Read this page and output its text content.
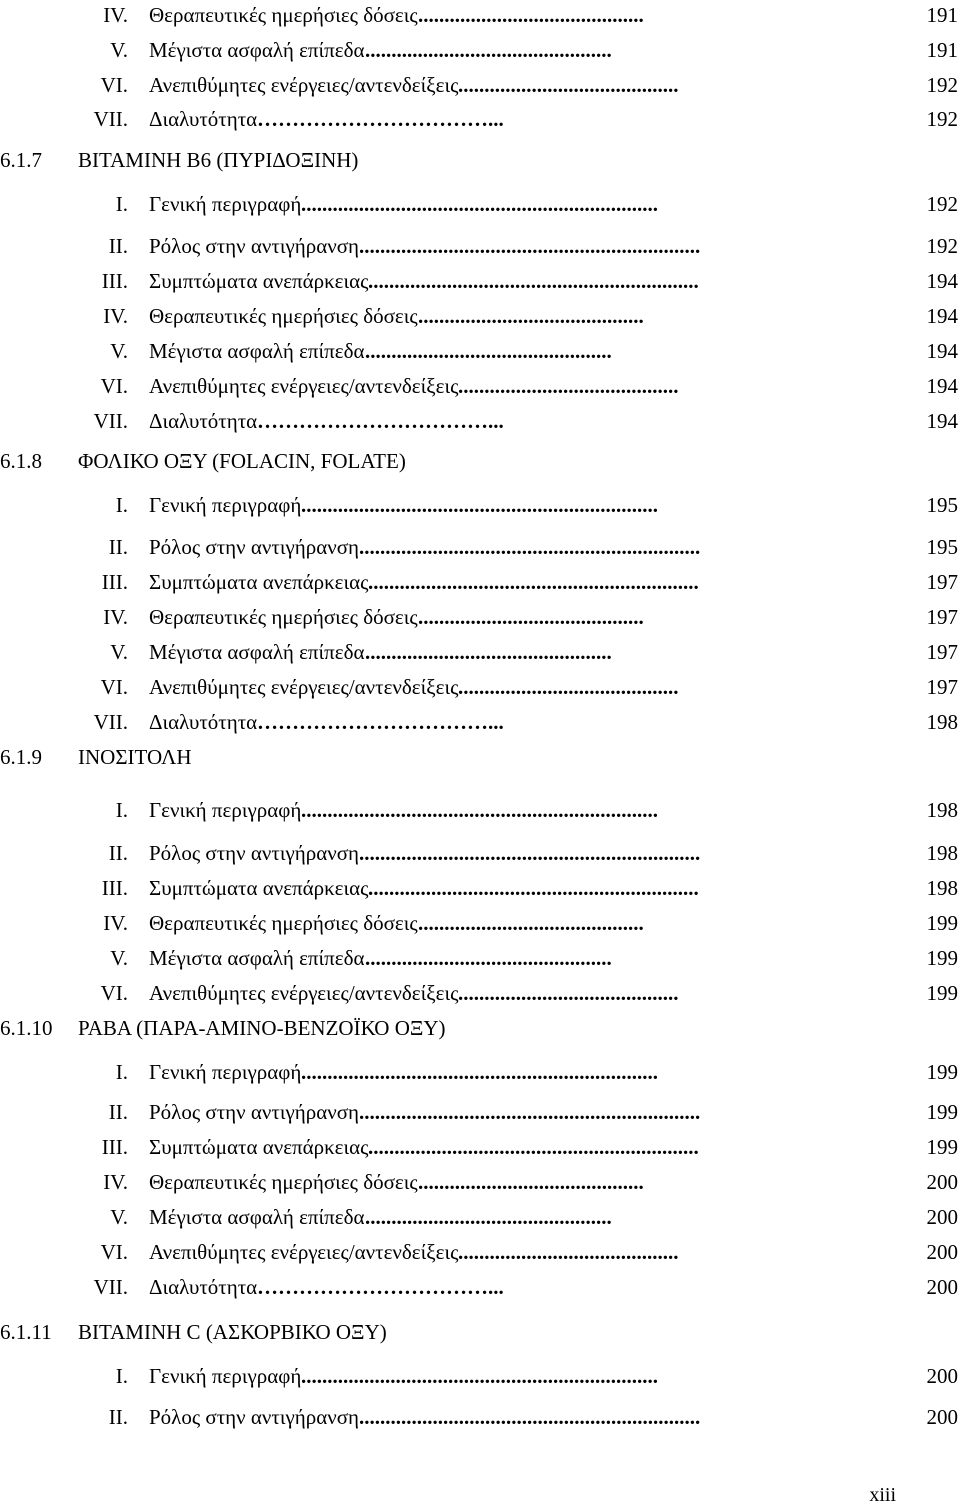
IV. Θεραπευτικές ημερήσιες δόσεις ...........................................	191
V. Μέγιστα ασφαλή επίπεδα ...............................................	191
VI. Ανεπιθύμητες ενέργειες/αντενδείξεις ..........................................	192
VII. Διαλυτότητα ……………………………...	192
6.1.7 ΒΙΤΑΜΙΝΗ Β6 (ΠΥΡΙΔΟΞΙΝΗ)
I. Γενική περιγραφή ....................................................................	192
II. Ρόλος στην αντιγήρανση .................................................................	192
III. Συμπτώματα ανεπάρκειας ...............................................................	194
IV. Θεραπευτικές ημερήσιες δόσεις ...........................................	194
V. Μέγιστα ασφαλή επίπεδα ...............................................	194
VI. Ανεπιθύμητες ενέργειες/αντενδείξεις ..........................................	194
VII. Διαλυτότητα ……………………………...	194
6.1.8 ΦΟΛΙΚΟ ΟΞΥ (FOLACIN, FOLATE)
I. Γενική περιγραφή ....................................................................	195
II. Ρόλος στην αντιγήρανση .................................................................	195
III. Συμπτώματα ανεπάρκειας ...............................................................	197
IV. Θεραπευτικές ημερήσιες δόσεις ...........................................	197
V. Μέγιστα ασφαλή επίπεδα ...............................................	197
VI. Ανεπιθύμητες ενέργειες/αντενδείξεις ..........................................	197
VII. Διαλυτότητα ……………………………...	198
6.1.9 ΙΝΟΣΙΤΟΛΗ
I. Γενική περιγραφή ....................................................................	198
II. Ρόλος στην αντιγήρανση .................................................................	198
III. Συμπτώματα ανεπάρκειας ...............................................................	198
IV. Θεραπευτικές ημερήσιες δόσεις ...........................................	199
V. Μέγιστα ασφαλή επίπεδα ...............................................	199
VI. Ανεπιθύμητες ενέργειες/αντενδείξεις ..........................................	199
6.1.10 PABA (ΠΑΡΑ-ΑΜΙΝΟ-ΒΕΝΖΟΪΚΟ ΟΞΥ)
I. Γενική περιγραφή ....................................................................	199
II. Ρόλος στην αντιγήρανση .................................................................	199
III. Συμπτώματα ανεπάρκειας ...............................................................	199
IV. Θεραπευτικές ημερήσιες δόσεις ...........................................	200
V. Μέγιστα ασφαλή επίπεδα ...............................................	200
VI. Ανεπιθύμητες ενέργειες/αντενδείξεις ..........................................	200
VII. Διαλυτότητα ……………………………...	200
6.1.11 ΒΙΤΑΜΙΝΗ C (ΑΣΚΟΡΒΙΚΟ ΟΞΥ)
I. Γενική περιγραφή ....................................................................	200
II. Ρόλος στην αντιγήρανση .................................................................	200
xiii
